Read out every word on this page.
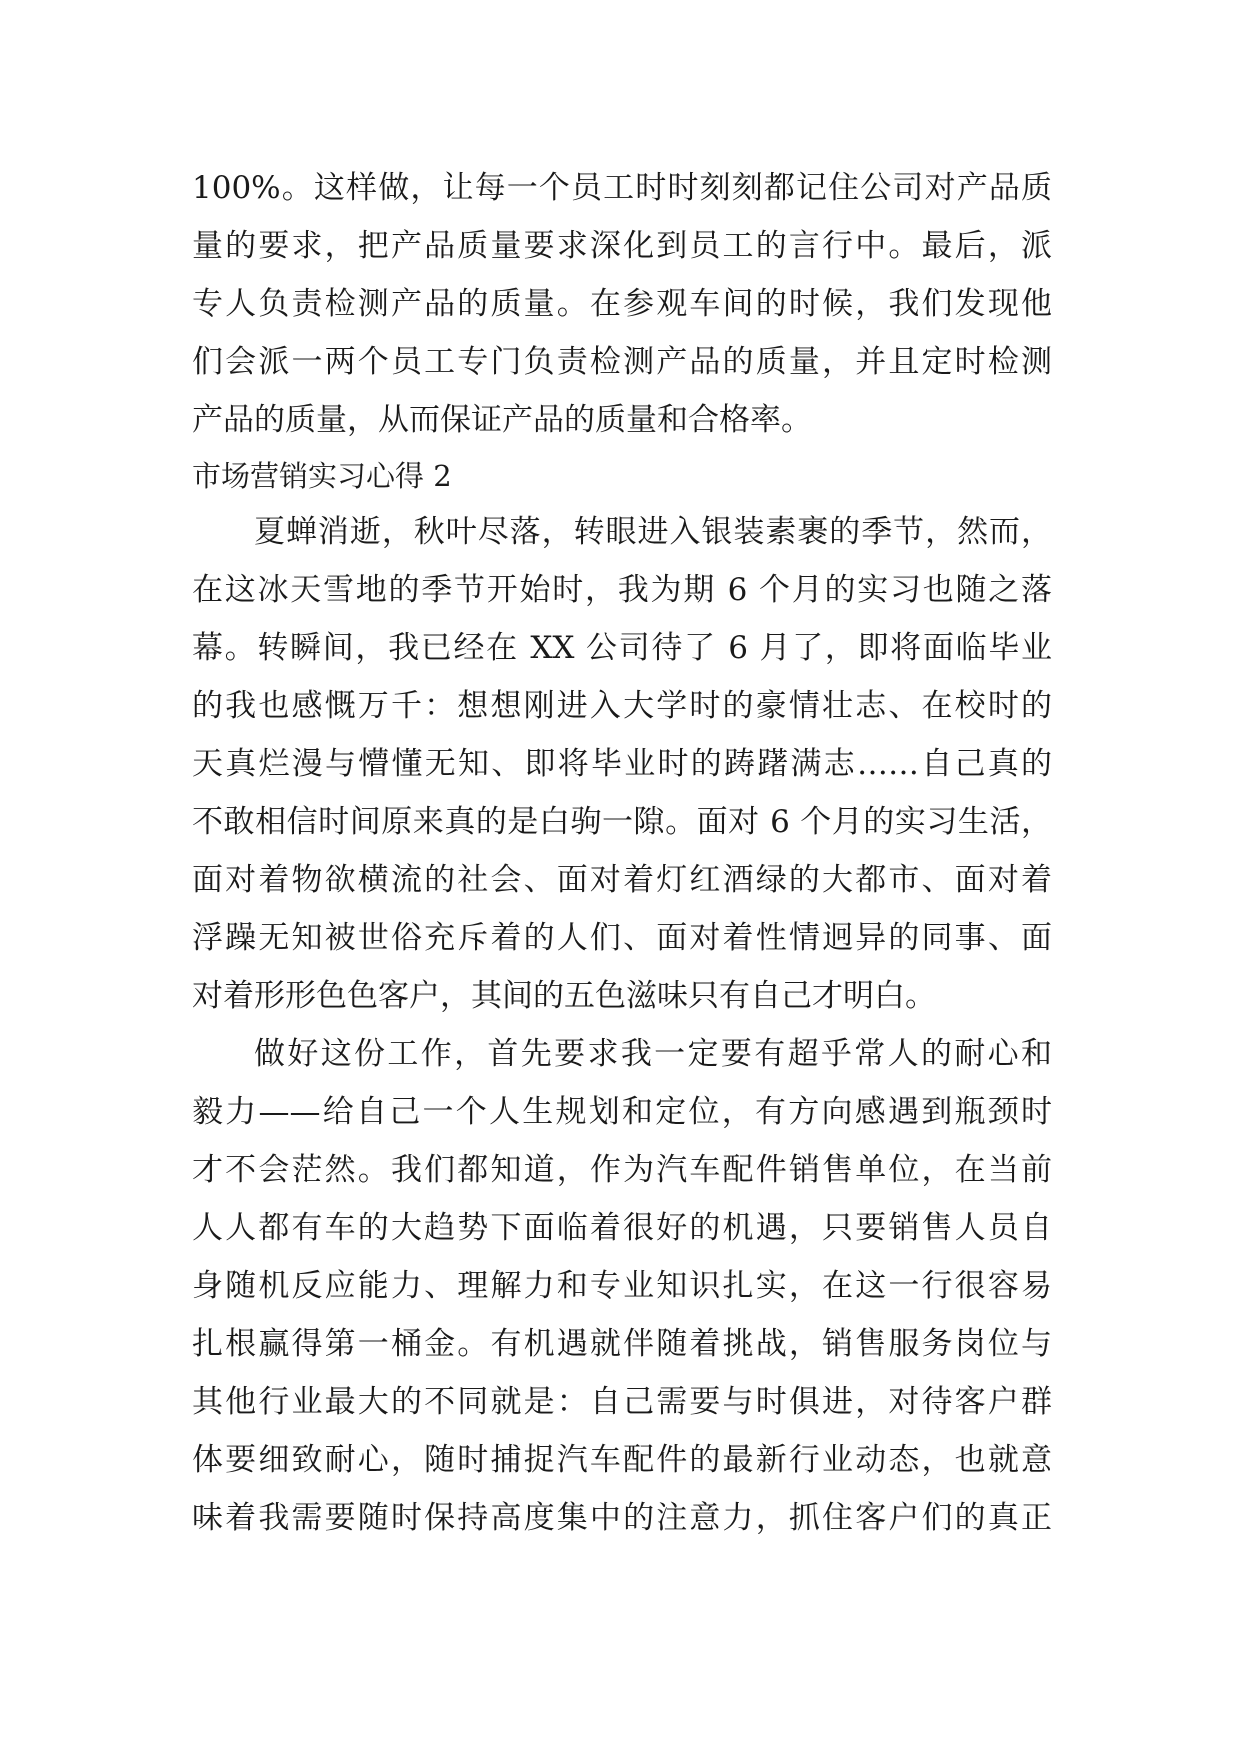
100%。这样做，让每一个员工时时刻刻都记住公司对产品质
量的要求，把产品质量要求深化到员工的言行中。最后，派
专人负责检测产品的质量。在参观车间的时候，我们发现他
们会派一两个员工专门负责检测产品的质量，并且定时检测
产品的质量，从而保证产品的质量和合格率。
市场营销实习心得 2
夏蝉消逝，秋叶尽落，转眼进入银装素裹的季节，然而，
在这冰天雪地的季节开始时，我为期 6 个月的实习也随之落
幕。转瞬间，我已经在 XX 公司待了 6 月了，即将面临毕业
的我也感慨万千：想想刚进入大学时的豪情壮志、在校时的
天真烂漫与懵懂无知、即将毕业时的踌躇满志……自己真的
不敢相信时间原来真的是白驹一隙。面对 6 个月的实习生活，
面对着物欲横流的社会、面对着灯红酒绿的大都市、面对着
浮躁无知被世俗充斥着的人们、面对着性情迥异的同事、面
对着形形色色客户，其间的五色滋味只有自己才明白。
做好这份工作，首先要求我一定要有超乎常人的耐心和
毅力——给自己一个人生规划和定位，有方向感遇到瓶颈时
才不会茫然。我们都知道，作为汽车配件销售单位，在当前
人人都有车的大趋势下面临着很好的机遇，只要销售人员自
身随机反应能力、理解力和专业知识扎实，在这一行很容易
扎根赢得第一桶金。有机遇就伴随着挑战，销售服务岗位与
其他行业最大的不同就是：自己需要与时俱进，对待客户群
体要细致耐心，随时捕捉汽车配件的最新行业动态，也就意
味着我需要随时保持高度集中的注意力，抓住客户们的真正
